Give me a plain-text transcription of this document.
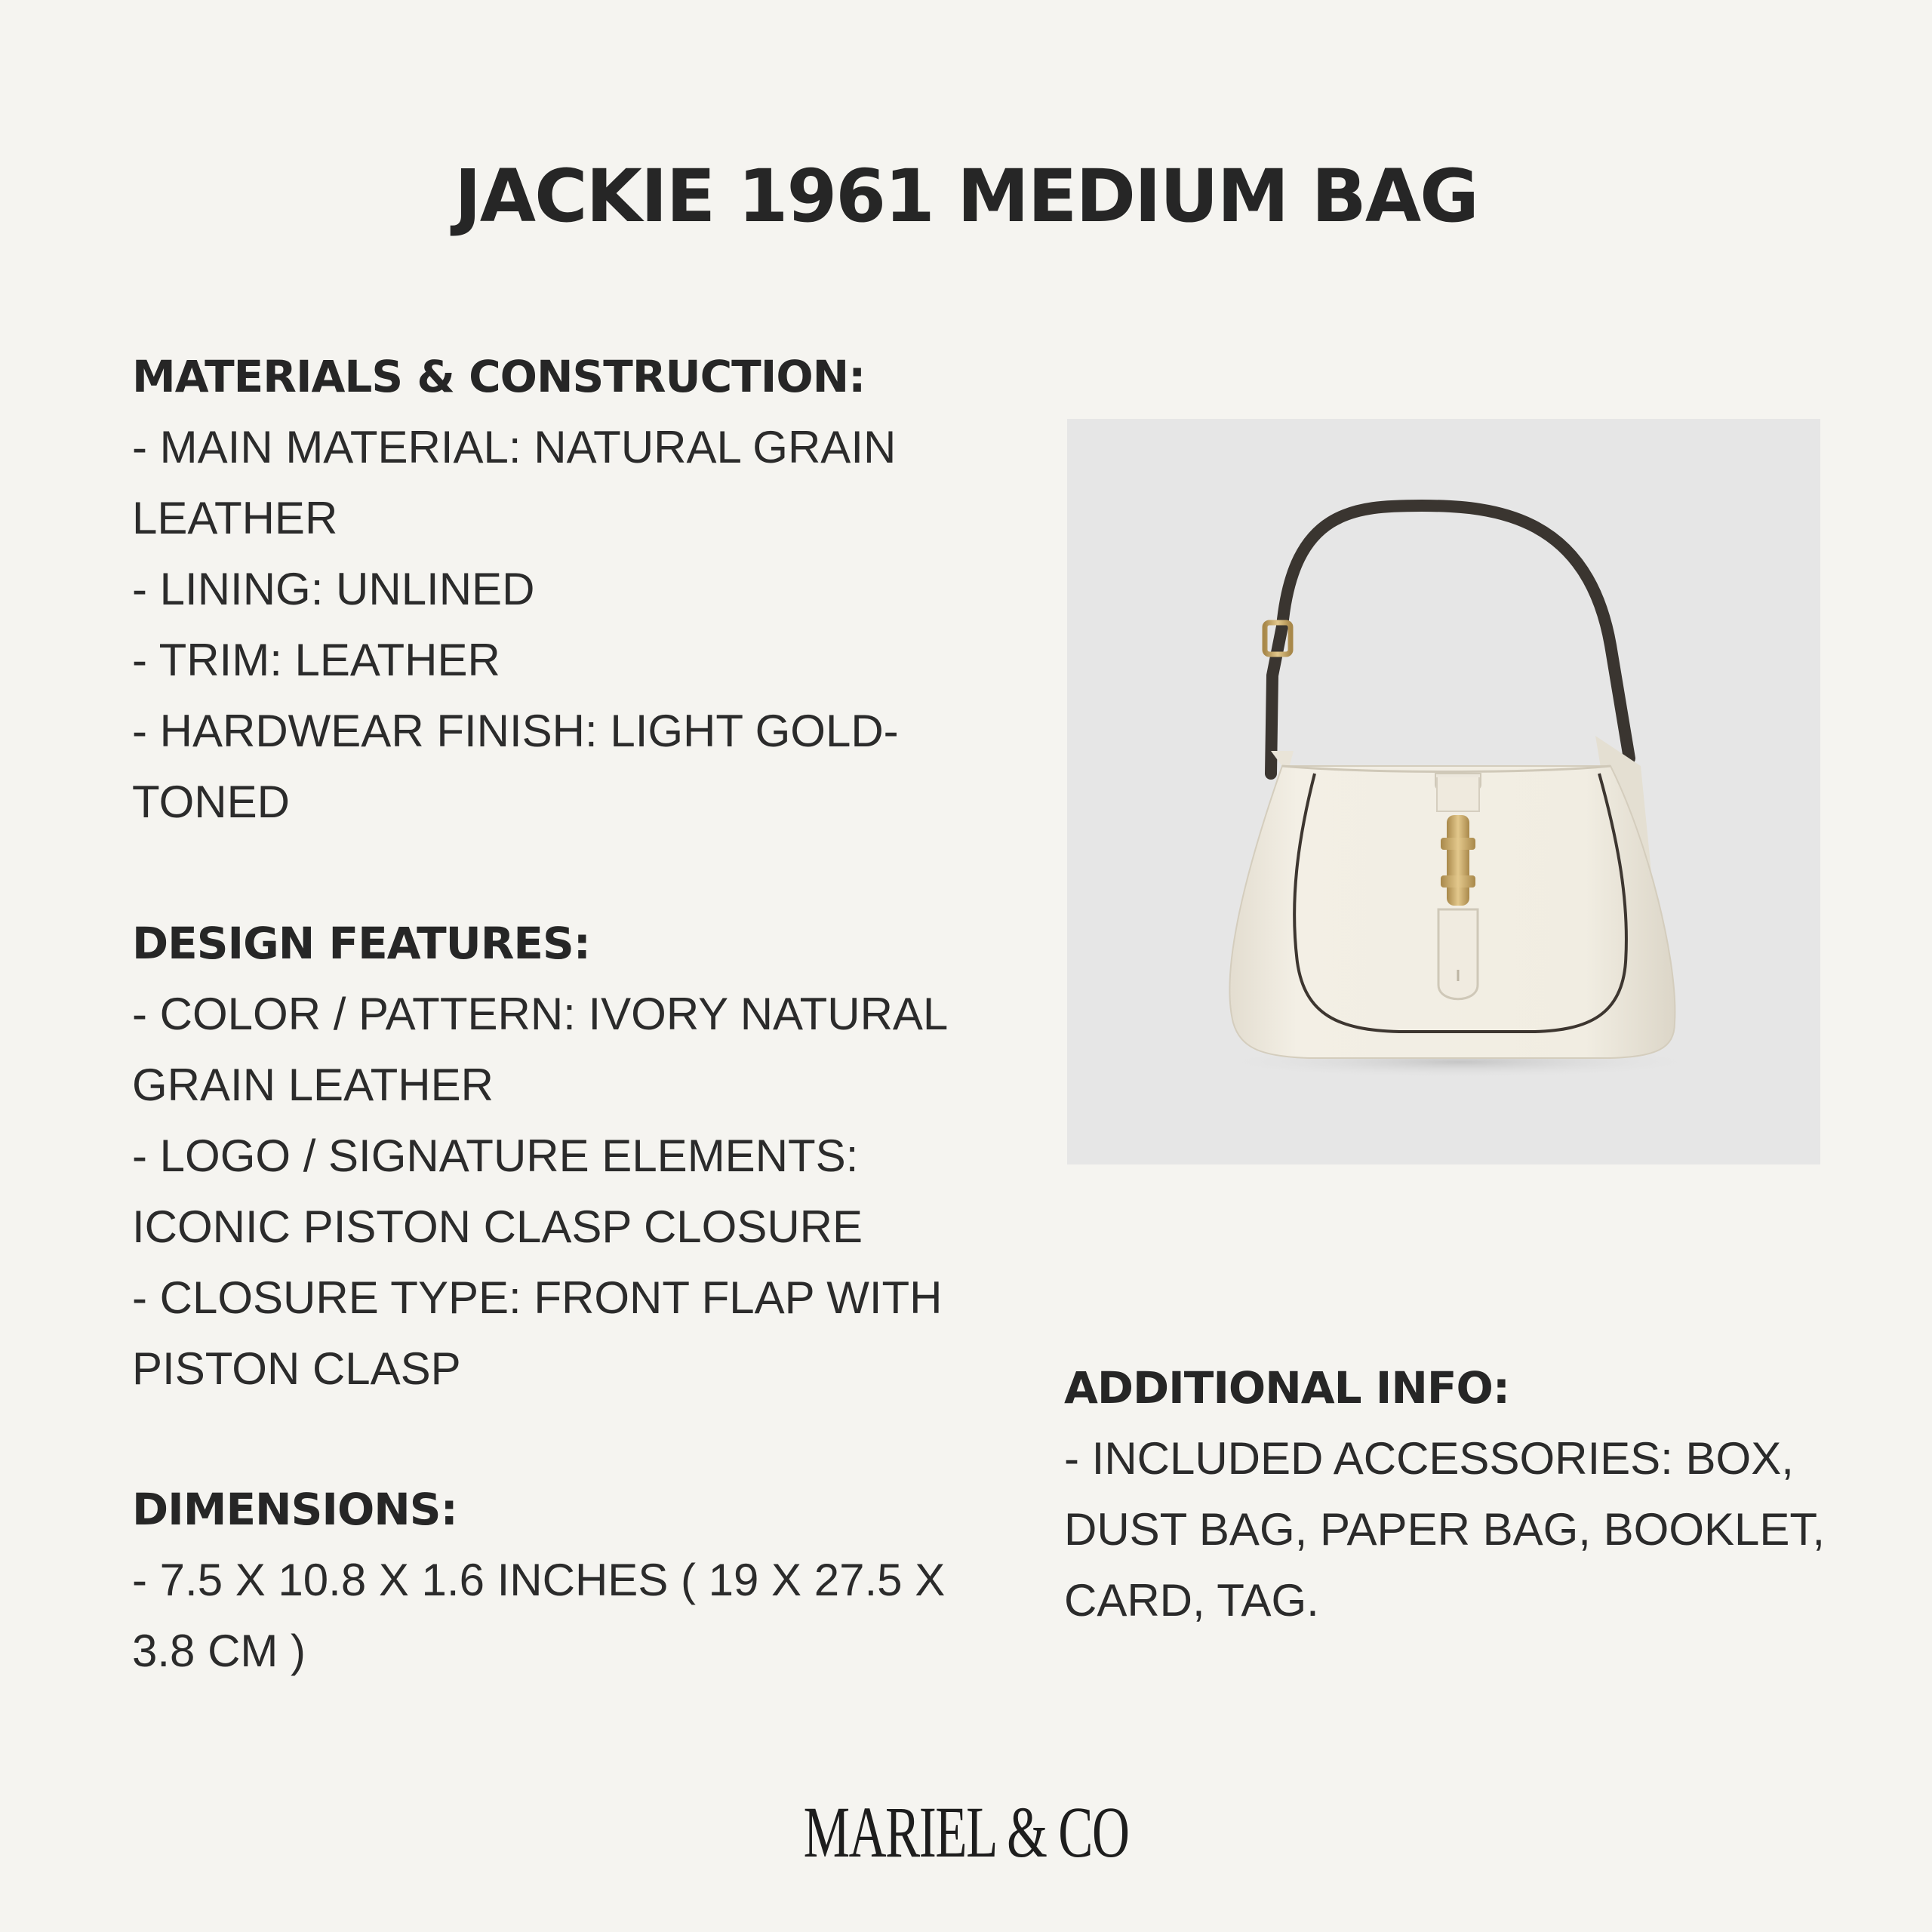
JACKIE 1961 MEDIUM BAG
MATERIALS & CONSTRUCTION:
- MAIN MATERIAL: NATURAL GRAIN
LEATHER
- LINING: UNLINED
- TRIM: LEATHER
- HARDWEAR FINISH: LIGHT GOLD-
TONED
DESIGN FEATURES:
- COLOR / PATTERN: IVORY NATURAL
GRAIN LEATHER
- LOGO / SIGNATURE ELEMENTS:
ICONIC PISTON CLASP CLOSURE
- CLOSURE TYPE: FRONT FLAP WITH
PISTON CLASP
DIMENSIONS:
- 7.5 X 10.8 X 1.6 INCHES ( 19 X 27.5 X
3.8 CM )
ADDITIONAL INFO:
- INCLUDED ACCESSORIES: BOX,
DUST BAG, PAPER BAG, BOOKLET,
CARD, TAG.
MARIEL & CO
